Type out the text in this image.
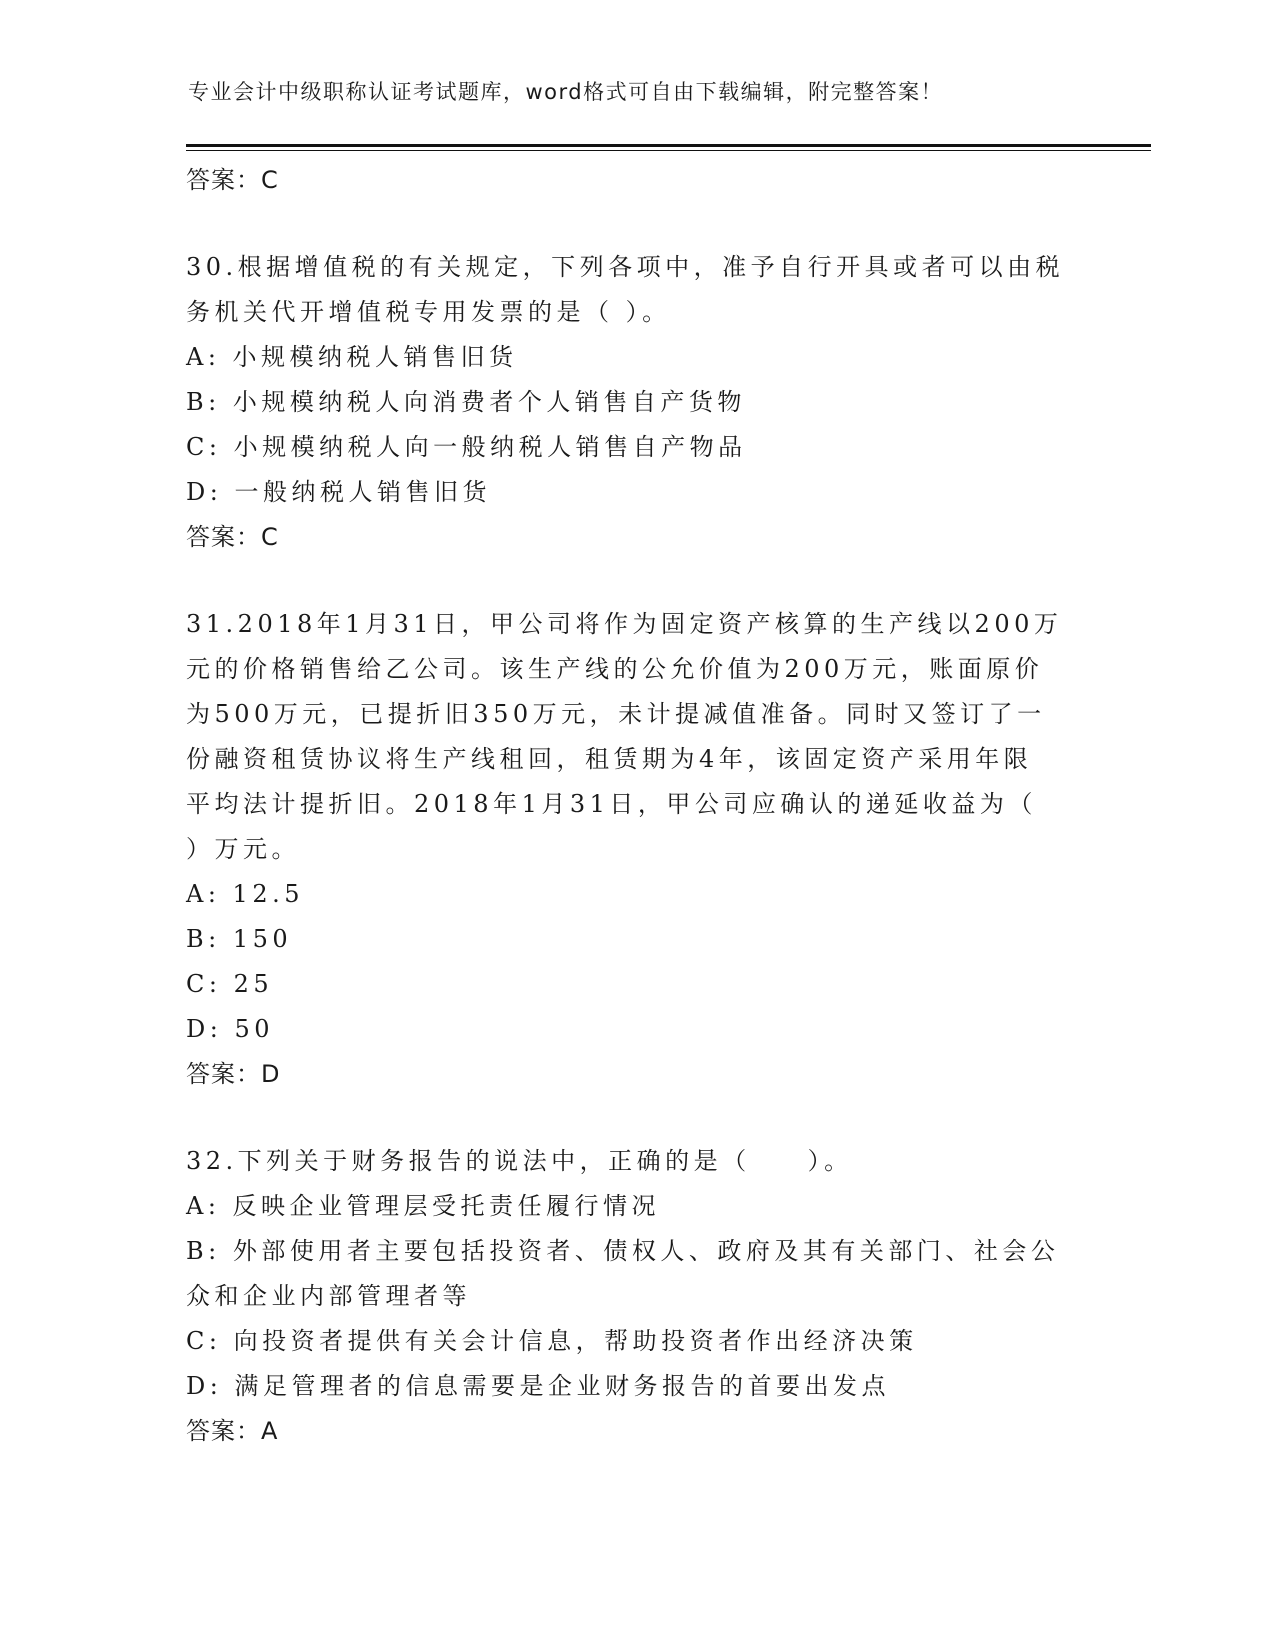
专业会计中级职称认证考试题库，word格式可自由下载编辑，附完整答案！
答案：C
30.根据增值税的有关规定，下列各项中，准予自行开具或者可以由税
务机关代开增值税专用发票的是（ ）。
A: 小规模纳税人销售旧货
B: 小规模纳税人向消费者个人销售自产货物
C: 小规模纳税人向一般纳税人销售自产物品
D: 一般纳税人销售旧货
答案：C
31.2018年1月31日，甲公司将作为固定资产核算的生产线以200万
元的价格销售给乙公司。该生产线的公允价值为200万元，账面原价
为500万元，已提折旧350万元，未计提减值准备。同时又签订了一
份融资租赁协议将生产线租回，租赁期为4年，该固定资产采用年限
平均法计提折旧。2018年1月31日，甲公司应确认的递延收益为（
）万元。
A: 12.5
B: 150
C: 25
D: 50
答案：D
32.下列关于财务报告的说法中，正确的是（　　）。
A: 反映企业管理层受托责任履行情况
B: 外部使用者主要包括投资者、债权人、政府及其有关部门、社会公
众和企业内部管理者等
C: 向投资者提供有关会计信息，帮助投资者作出经济决策
D: 满足管理者的信息需要是企业财务报告的首要出发点
答案：A
